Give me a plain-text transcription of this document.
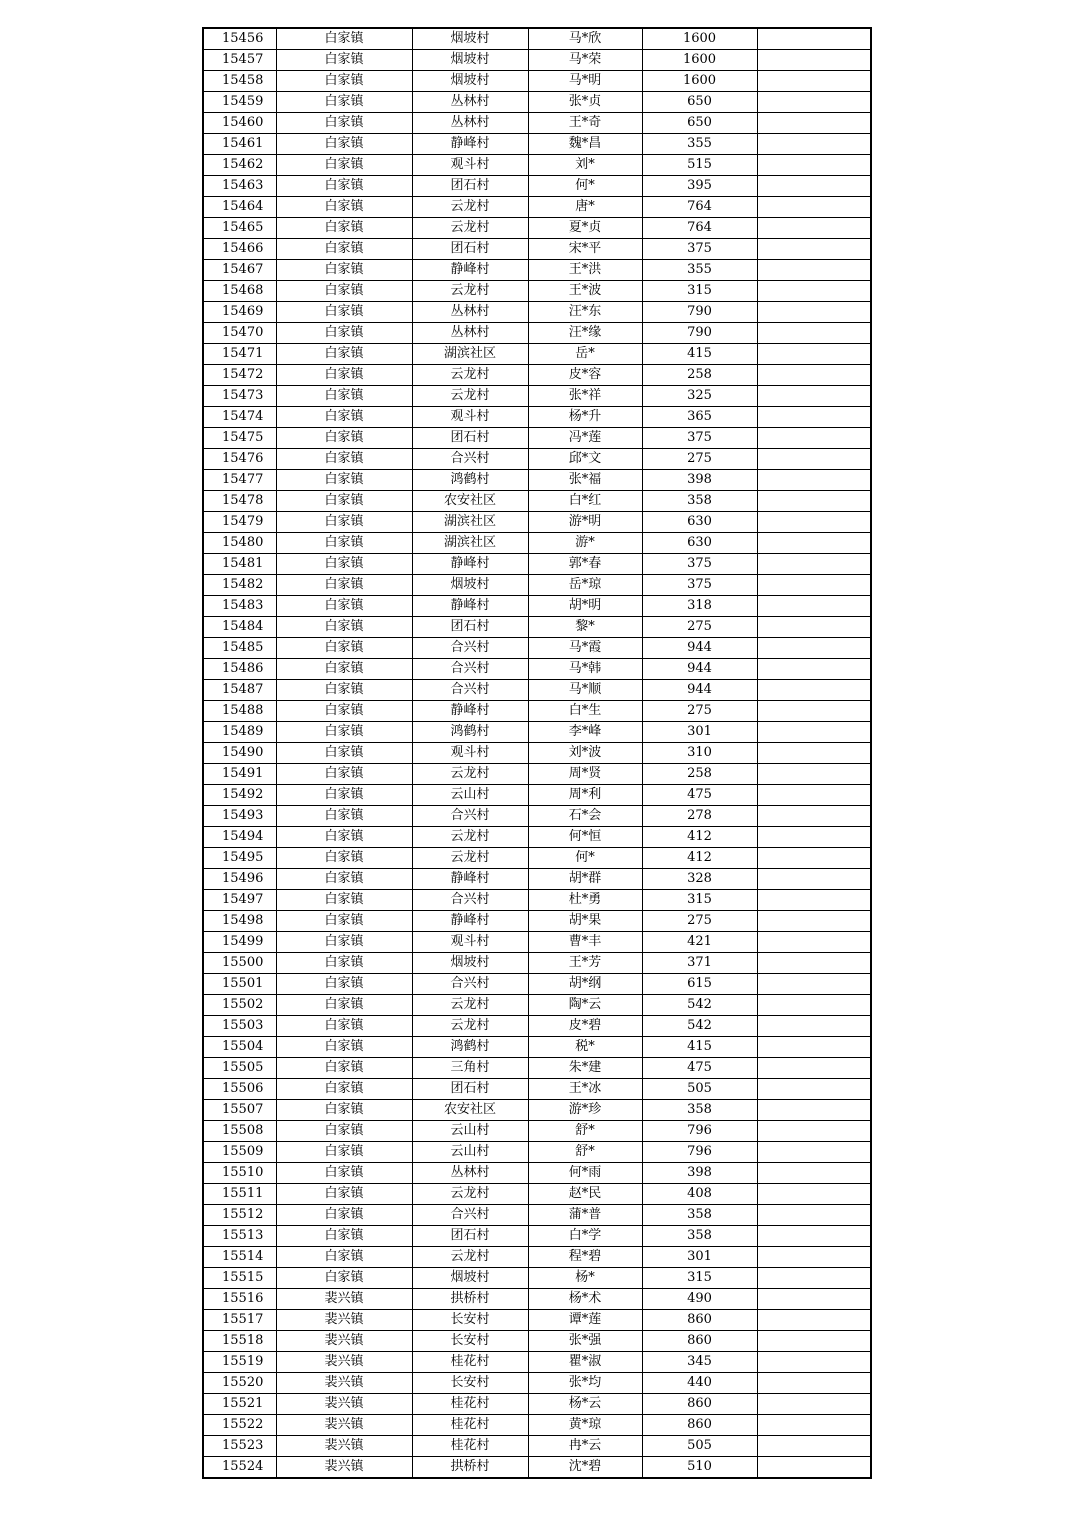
15456	白家镇	烟坡村	马*欣	1600	
15457	白家镇	烟坡村	马*荣	1600	
15458	白家镇	烟坡村	马*明	1600	
15459	白家镇	丛林村	张*贞	650	
15460	白家镇	丛林村	王*奇	650	
15461	白家镇	静峰村	魏*昌	355	
15462	白家镇	观斗村	刘*	515	
15463	白家镇	团石村	何*	395	
15464	白家镇	云龙村	唐*	764	
15465	白家镇	云龙村	夏*贞	764	
15466	白家镇	团石村	宋*平	375	
15467	白家镇	静峰村	王*洪	355	
15468	白家镇	云龙村	王*波	315	
15469	白家镇	丛林村	汪*东	790	
15470	白家镇	丛林村	汪*缘	790	
15471	白家镇	湖滨社区	岳*	415	
15472	白家镇	云龙村	皮*容	258	
15473	白家镇	云龙村	张*祥	325	
15474	白家镇	观斗村	杨*升	365	
15475	白家镇	团石村	冯*莲	375	
15476	白家镇	合兴村	邱*文	275	
15477	白家镇	鸿鹤村	张*福	398	
15478	白家镇	农安社区	白*红	358	
15479	白家镇	湖滨社区	游*明	630	
15480	白家镇	湖滨社区	游*	630	
15481	白家镇	静峰村	郭*春	375	
15482	白家镇	烟坡村	岳*琼	375	
15483	白家镇	静峰村	胡*明	318	
15484	白家镇	团石村	黎*	275	
15485	白家镇	合兴村	马*霞	944	
15486	白家镇	合兴村	马*韩	944	
15487	白家镇	合兴村	马*顺	944	
15488	白家镇	静峰村	白*生	275	
15489	白家镇	鸿鹤村	李*峰	301	
15490	白家镇	观斗村	刘*波	310	
15491	白家镇	云龙村	周*贤	258	
15492	白家镇	云山村	周*利	475	
15493	白家镇	合兴村	石*会	278	
15494	白家镇	云龙村	何*恒	412	
15495	白家镇	云龙村	何*	412	
15496	白家镇	静峰村	胡*群	328	
15497	白家镇	合兴村	杜*勇	315	
15498	白家镇	静峰村	胡*果	275	
15499	白家镇	观斗村	曹*丰	421	
15500	白家镇	烟坡村	王*芳	371	
15501	白家镇	合兴村	胡*纲	615	
15502	白家镇	云龙村	陶*云	542	
15503	白家镇	云龙村	皮*碧	542	
15504	白家镇	鸿鹤村	税*	415	
15505	白家镇	三角村	朱*建	475	
15506	白家镇	团石村	王*冰	505	
15507	白家镇	农安社区	游*珍	358	
15508	白家镇	云山村	舒*	796	
15509	白家镇	云山村	舒*	796	
15510	白家镇	丛林村	何*雨	398	
15511	白家镇	云龙村	赵*民	408	
15512	白家镇	合兴村	蒲*普	358	
15513	白家镇	团石村	白*学	358	
15514	白家镇	云龙村	程*碧	301	
15515	白家镇	烟坡村	杨*	315	
15516	裴兴镇	拱桥村	杨*术	490	
15517	裴兴镇	长安村	谭*莲	860	
15518	裴兴镇	长安村	张*强	860	
15519	裴兴镇	桂花村	瞿*淑	345	
15520	裴兴镇	长安村	张*均	440	
15521	裴兴镇	桂花村	杨*云	860	
15522	裴兴镇	桂花村	黄*琼	860	
15523	裴兴镇	桂花村	冉*云	505	
15524	裴兴镇	拱桥村	沈*碧	510	
